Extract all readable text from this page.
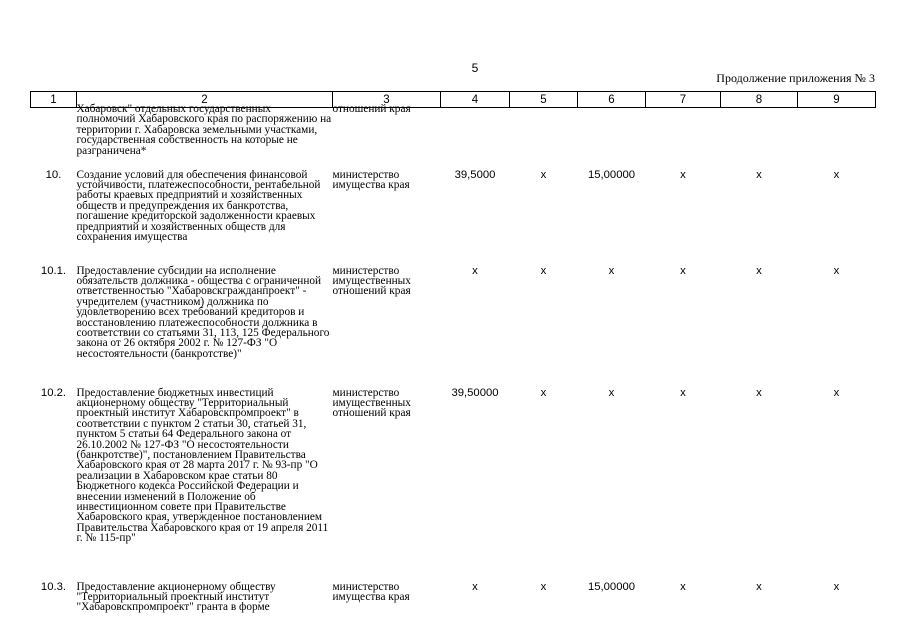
5
Продолжение приложения № 3
1	2	3	4	5	6	7	8	9
	Хабаровск" отдельных государственных полномочий Хабаровского края по распоряжению на территории г. Хабаровска земельными участками, государственная собственность на которые не разграничена*	отношений края						
10.	Создание условий для обеспечения финансовой устойчивости, платежеспособности, рентабельной работы краевых предприятий и хозяйственных обществ и предупреждения их банкротства, погашение кредиторской задолженности краевых предприятий и хозяйственных обществ для сохранения имущества	министерство имущества края	39,5000	х	15,00000	х	х	х
10.1.	Предоставление субсидии на исполнение обязательств должника - общества с ограниченной ответственностью "Хабаровскгражданпроект" - учредителем (участником) должника по удовлетворению всех требований кредиторов и восстановлению платежеспособности должника в соответствии со статьями 31, 113, 125 Федерального закона от 26 октября 2002 г. № 127-ФЗ "О несостоятельности (банкротстве)"	министерство имущественных отношений края	х	х	х	х	х	х
10.2.	Предоставление бюджетных инвестиций акционерному обществу "Территориальный проектный институт Хабаровскпромпроект" в соответствии с пунктом 2 статьи 30, статьей 31, пунктом 5 статьи 64 Федерального закона от 26.10.2002 № 127-ФЗ "О несостоятельности (банкротстве)", постановлением Правительства Хабаровского края от 28 марта 2017 г. № 93-пр "О реализации в Хабаровском крае статьи 80 Бюджетного кодекса Российской Федерации и внесении изменений в Положение об инвестиционном совете при Правительстве Хабаровского края, утвержденное постановлением Правительства Хабаровского края от 19 апреля 2011 г. № 115-пр"	министерство имущественных отношений края	39,50000	х	х	х	х	х
10.3.	Предоставление акционерному обществу "Территориальный проектный институт "Хабаровскпромпроект" гранта в форме	министерство имущества края	х	х	15,00000	х	х	х
